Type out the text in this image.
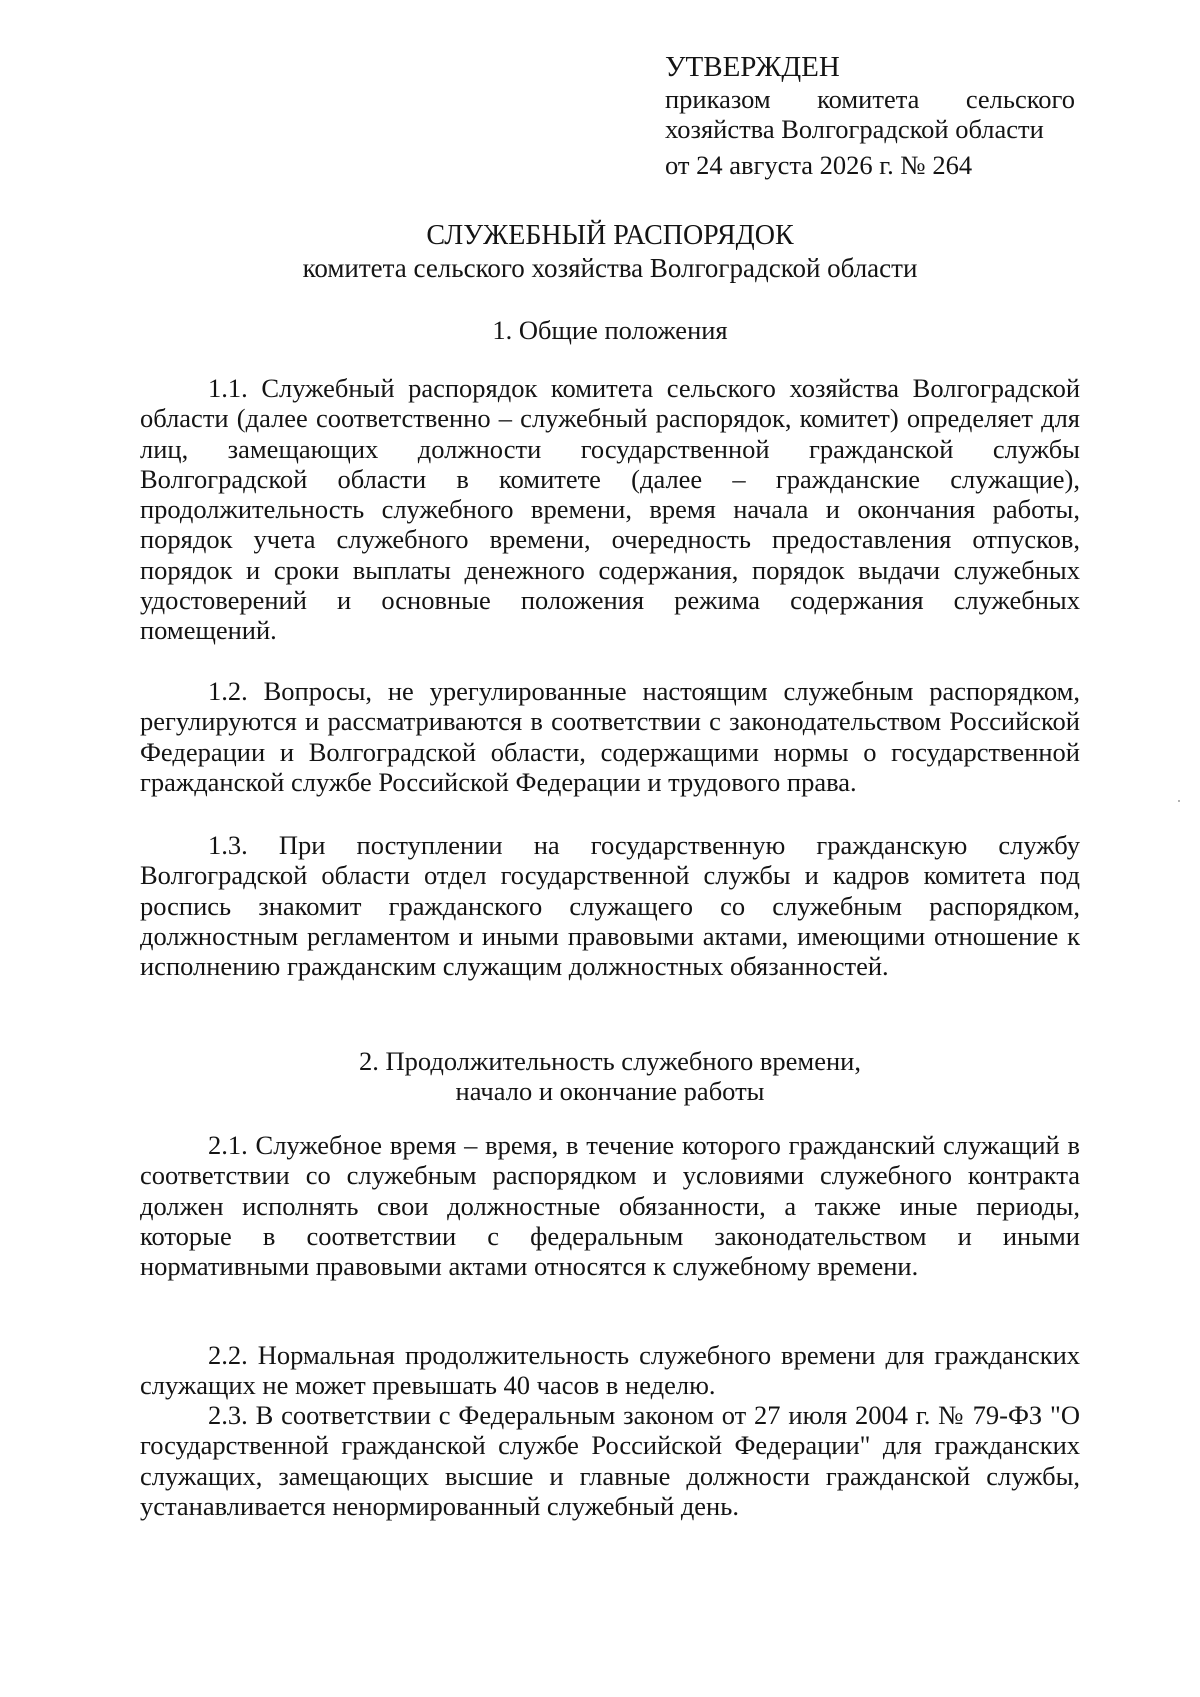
УТВЕРЖДЕН
приказом комитета сельского
хозяйства Волгоградской области
от 24 августа 2026 г. № 264
СЛУЖЕБНЫЙ РАСПОРЯДОК
комитета сельского хозяйства Волгоградской области
1. Общие положения

1.1. Служебный распорядок комитета сельского хозяйства Волгоградской области (далее соответственно – служебный распорядок, комитет) определяет для лиц, замещающих должности государственной гражданской службы Волгоградской области в комитете (далее – гражданские служащие), продолжительность служебного времени, время начала и окончания работы, порядок учета служебного времени, очередность предоставления отпусков, порядок и сроки выплаты денежного содержания, порядок выдачи служебных удостоверений и основные положения режима содержания служебных помещений.

1.2. Вопросы, не урегулированные настоящим служебным распорядком, регулируются и рассматриваются в соответствии с законодательством Российской Федерации и Волгоградской области, содержащими нормы о государственной гражданской службе Российской Федерации и трудового права.

1.3. При поступлении на государственную гражданскую службу Волгоградской области отдел государственной службы и кадров комитета под роспись знакомит гражданского служащего со служебным распорядком, должностным регламентом и иными правовыми актами, имеющими отношение к исполнению гражданским служащим должностных обязанностей.

2. Продолжительность служебного времени,
начало и окончание работы

2.1. Служебное время – время, в течение которого гражданский служащий в соответствии со служебным распорядком и условиями служебного контракта должен исполнять свои должностные обязанности, а также иные периоды, которые в соответствии с федеральным законодательством и иными нормативными правовыми актами относятся к служебному времени.

2.2. Нормальная продолжительность служебного времени для гражданских служащих не может превышать 40 часов в неделю.

2.3. В соответствии с Федеральным законом от 27 июля 2004 г. № 79-ФЗ "О государственной гражданской службе Российской Федерации" для гражданских служащих, замещающих высшие и главные должности гражданской службы, устанавливается ненормированный служебный день.
